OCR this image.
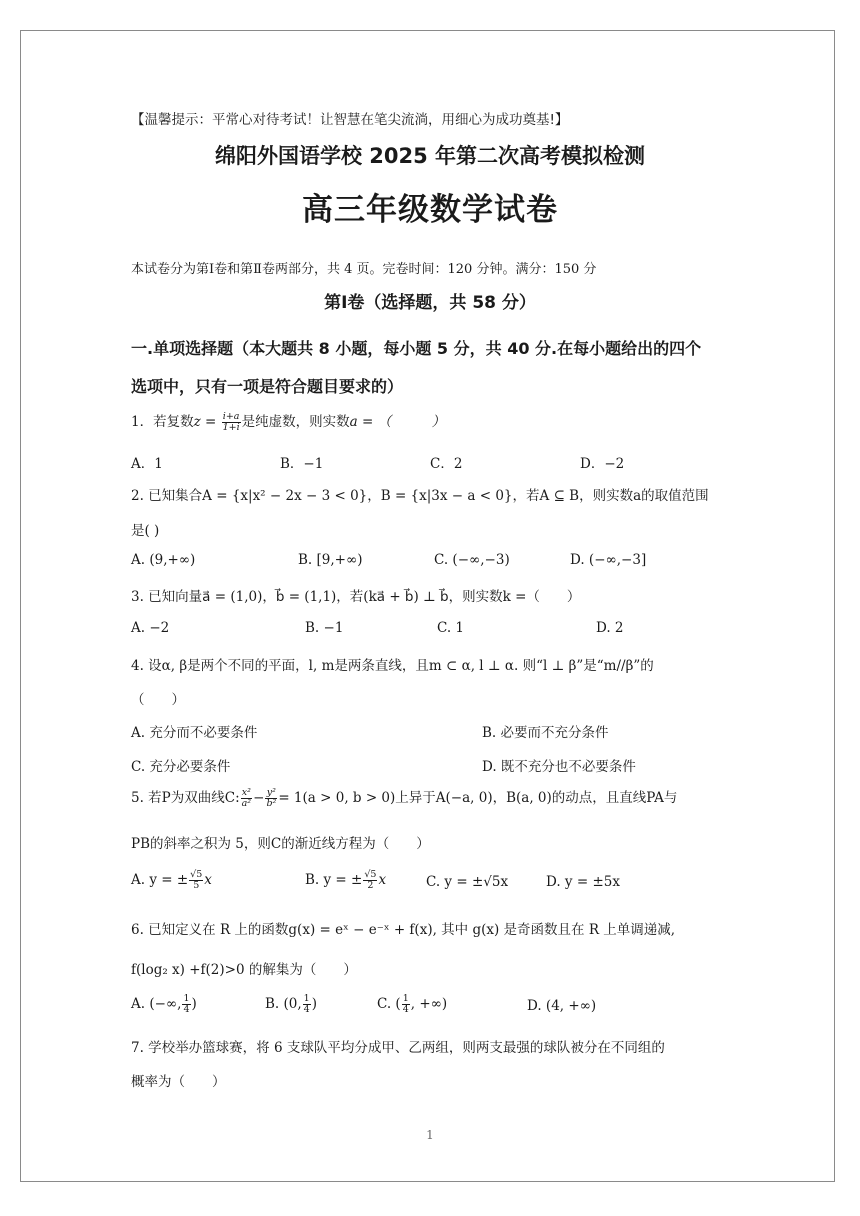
【温馨提示：平常心对待考试！让智慧在笔尖流淌，用细心为成功奠基!】
绵阳外国语学校 2025 年第二次高考模拟检测
高三年级数学试卷
本试卷分为第Ⅰ卷和第Ⅱ卷两部分，共 4 页。完卷时间：120 分钟。满分：150 分
第Ⅰ卷（选择题，共 58 分）
一.单项选择题（本大题共 8 小题，每小题 5 分，共 40 分.在每小题给出的四个
选项中，只有一项是符合题目要求的）
1．若复数$z = \frac{i+a}{1+i}$ 是纯虚数，则实数a = （　　　）
A．1	B．−1	C．2	D．−2
2. 已知集合A = {x|x² − 2x − 3 < 0}，B = {x|3x − a < 0}，若A ⊆ B，则实数a的取值范围
是( )
A. (9,+∞)	B. [9,+∞)	C. (−∞,−3)	D. (−∞,−3]
3. 已知向量a⃗ = (1,0)，b⃗ = (1,1)，若(ka⃗ + b⃗) ⊥ b⃗，则实数k =（　　）
A. −2	B. −1	C. 1	D. 2
4. 设α, β是两个不同的平面，l, m是两条直线，且m ⊂ α, l ⊥ α. 则“l ⊥ β”是“m//β”的
（　　）
A. 充分而不必要条件	B. 必要而不充分条件
C. 充分必要条件	D. 既不充分也不必要条件
5. 若P为双曲线C: $\frac{\text{x²}}{\text{a²}} - \frac{\text{y²}}{\text{b²}} = 1(a > 0$, b > 0)上异于A(−a, 0)，B(a, 0)的动点，且直线PA与
PB的斜率之积为 5，则C的渐近线方程为（　　）
A. y = ± $\frac{√5}{5}$ x	B. y = ± $\frac{√5}{2}$ x	C. y = ±√5x	D. y = ±5x
6. 已知定义在 R 上的函数g(x) = eˣ − e⁻ˣ + f(x), 其中 g(x) 是奇函数且在 R 上单调递减,
f(log₂ x) +f(2)>0 的解集为（　　）
A. (−∞, $\frac{1}{4}$ )	B. (0, $\frac{1}{4}$ )	C. ( $\frac{1}{4}$ , +∞)	D. (4, +∞)
7. 学校举办篮球赛，将 6 支球队平均分成甲、乙两组，则两支最强的球队被分在不同组的
概率为（　　）
1
